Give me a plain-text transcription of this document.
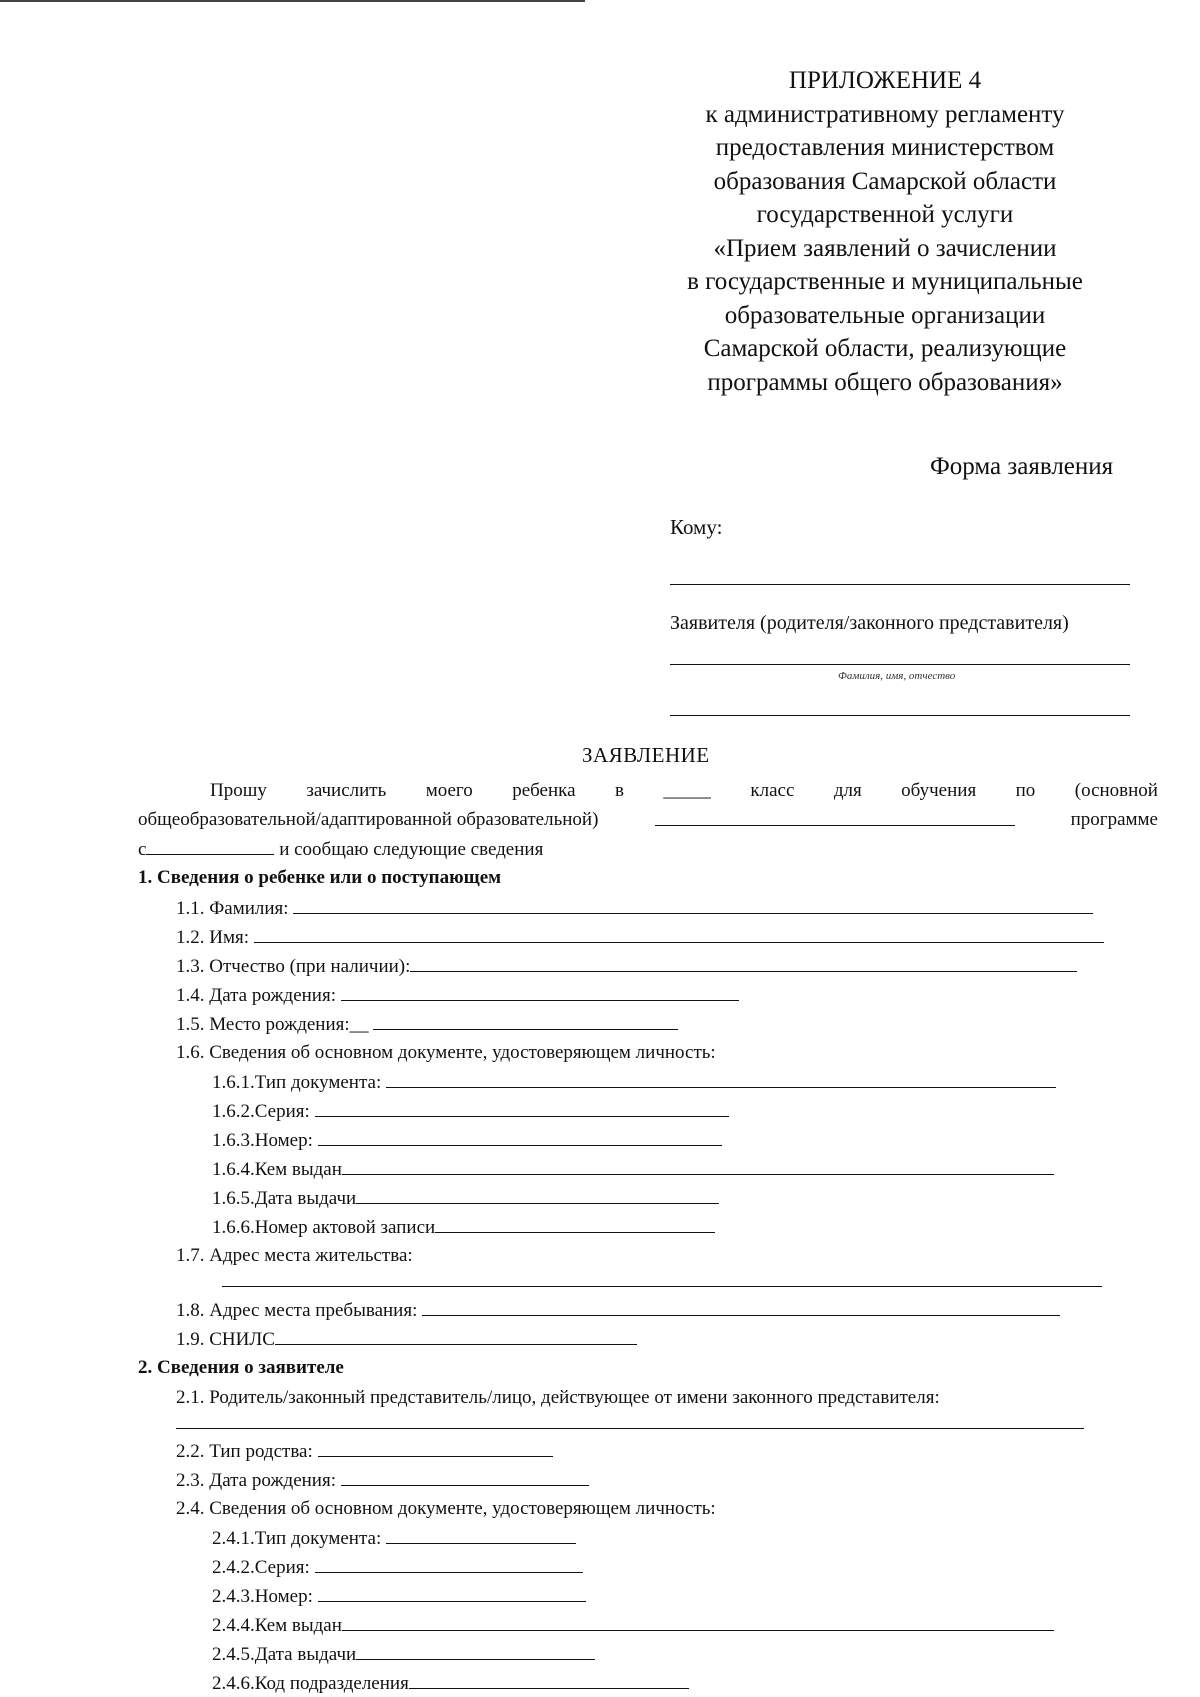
ПРИЛОЖЕНИЕ 4
к административному регламенту
предоставления министерством
образования Самарской области
государственной услуги
«Прием заявлений о зачислении
в государственные и муниципальные
образовательные организации
Самарской области, реализующие
программы общего образования»
Форма заявления
Кому:
Заявителя (родителя/законного представителя)
Фамилия, имя, отчество
ЗАЯВЛЕНИЕ
Прошу зачислить моего ребенка в _____ класс для обучения по (основной
общеобразовательной/адаптированной образовательной)	программе
с	и сообщаю следующие сведения
1. Сведения о ребенке или о поступающем
1.1. Фамилия:
1.2. Имя:
1.3. Отчество (при наличии):
1.4. Дата рождения:
1.5. Место рождения:__
1.6. Сведения об основном документе, удостоверяющем личность:
1.6.1.Тип документа:
1.6.2.Серия:
1.6.3.Номер:
1.6.4.Кем выдан
1.6.5.Дата выдачи
1.6.6.Номер актовой записи
1.7. Адрес места жительства:
1.8. Адрес места пребывания:
1.9. СНИЛС
2. Сведения о заявителе
2.1. Родитель/законный представитель/лицо, действующее от имени законного представителя:
2.2. Тип родства:
2.3. Дата рождения:
2.4. Сведения об основном документе, удостоверяющем личность:
2.4.1.Тип документа:
2.4.2.Серия:
2.4.3.Номер:
2.4.4.Кем выдан
2.4.5.Дата выдачи
2.4.6.Код подразделения
